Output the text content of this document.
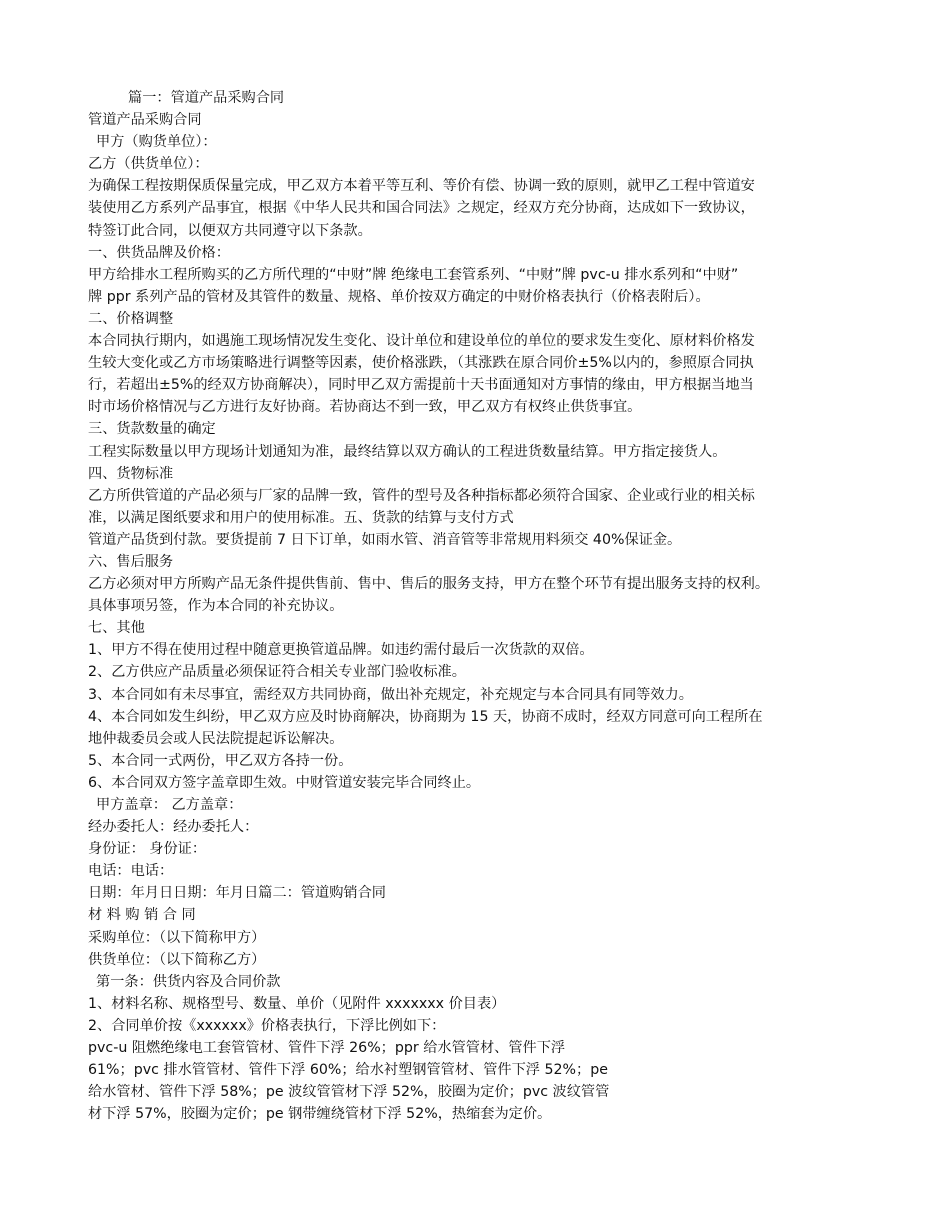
篇一：管道产品采购合同
管道产品采购合同
甲方（购货单位）：
乙方（供货单位）：
为确保工程按期保质保量完成，甲乙双方本着平等互利、等价有偿、协调一致的原则，就甲乙工程中管道安
装使用乙方系列产品事宜，根据《中华人民共和国合同法》之规定，经双方充分协商，达成如下一致协议，
特签订此合同，以便双方共同遵守以下条款。
一、供货品牌及价格：
甲方给排水工程所购买的乙方所代理的“中财”牌 绝缘电工套管系列、“中财”牌 pvc-u 排水系列和“中财”
牌 ppr 系列产品的管材及其管件的数量、规格、单价按双方确定的中财价格表执行（价格表附后）。
二、价格调整
本合同执行期内，如遇施工现场情况发生变化、设计单位和建设单位的单位的要求发生变化、原材料价格发
生较大变化或乙方市场策略进行调整等因素，使价格涨跌，（其涨跌在原合同价±5%以内的，参照原合同执
行，若超出±5%的经双方协商解决），同时甲乙双方需提前十天书面通知对方事情的缘由，甲方根据当地当
时市场价格情况与乙方进行友好协商。若协商达不到一致，甲乙双方有权终止供货事宜。
三、货款数量的确定
工程实际数量以甲方现场计划通知为准，最终结算以双方确认的工程进货数量结算。甲方指定接货人。
四、货物标准
乙方所供管道的产品必须与厂家的品牌一致，管件的型号及各种指标都必须符合国家、企业或行业的相关标
准，以满足图纸要求和用户的使用标准。五、货款的结算与支付方式
管道产品货到付款。要货提前 7 日下订单，如雨水管、消音管等非常规用料须交 40%保证金。
六、售后服务
乙方必须对甲方所购产品无条件提供售前、售中、售后的服务支持，甲方在整个环节有提出服务支持的权利。
具体事项另签，作为本合同的补充协议。
七、其他
1、甲方不得在使用过程中随意更换管道品牌。如违约需付最后一次货款的双倍。
2、乙方供应产品质量必须保证符合相关专业部门验收标准。
3、本合同如有未尽事宜，需经双方共同协商，做出补充规定，补充规定与本合同具有同等效力。
4、本合同如发生纠纷，甲乙双方应及时协商解决，协商期为 15 天，协商不成时，经双方同意可向工程所在
地仲裁委员会或人民法院提起诉讼解决。
5、本合同一式两份，甲乙双方各持一份。
6、本合同双方签字盖章即生效。中财管道安装完毕合同终止。
甲方盖章： 乙方盖章：
经办委托人：经办委托人：
身份证： 身份证：
电话：电话：
日期：年月日日期：年月日篇二：管道购销合同
材 料 购 销 合 同
采购单位：（以下简称甲方）
供货单位：（以下简称乙方）
第一条：供货内容及合同价款
1、材料名称、规格型号、数量、单价（见附件 xxxxxxx 价目表）
2、合同单价按《xxxxxx》价格表执行，下浮比例如下：
pvc-u 阻燃绝缘电工套管管材、管件下浮 26%；ppr 给水管管材、管件下浮
61%；pvc 排水管管材、管件下浮 60%；给水衬塑钢管管材、管件下浮 52%；pe
给水管材、管件下浮 58%；pe 波纹管管材下浮 52%，胶圈为定价；pvc 波纹管管
材下浮 57%，胶圈为定价；pe 钢带缠绕管材下浮 52%，热缩套为定价。
